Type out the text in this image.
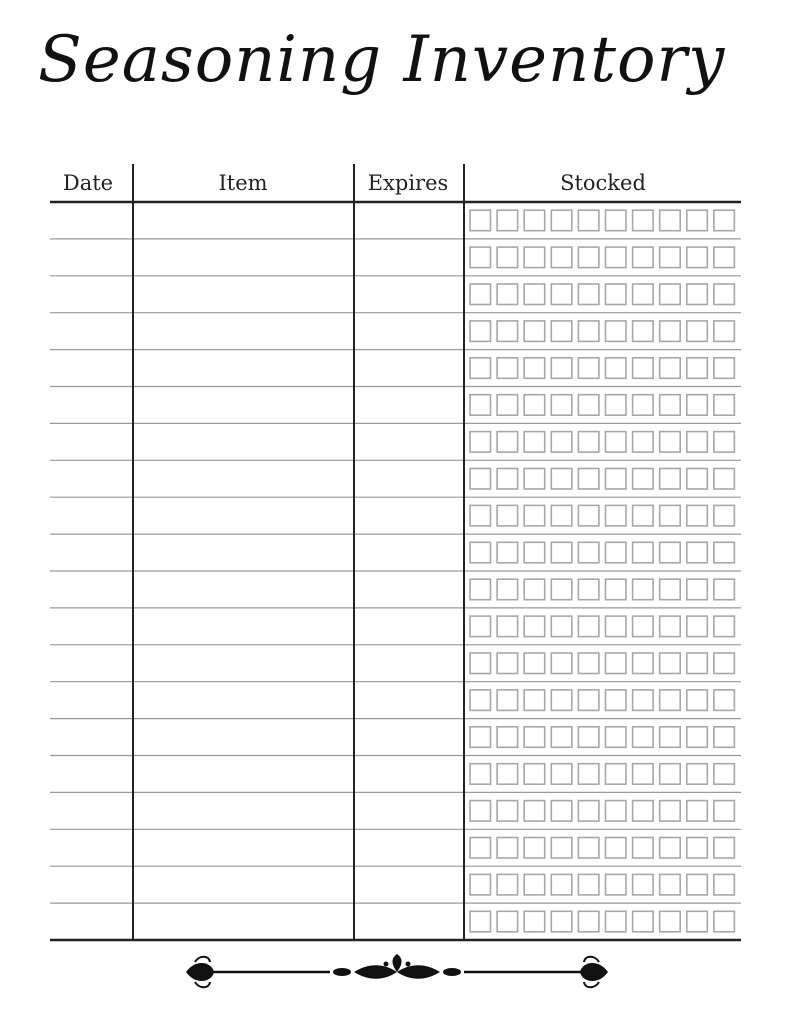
Seasoning Inventory
Date	Item	Expires	Stocked
